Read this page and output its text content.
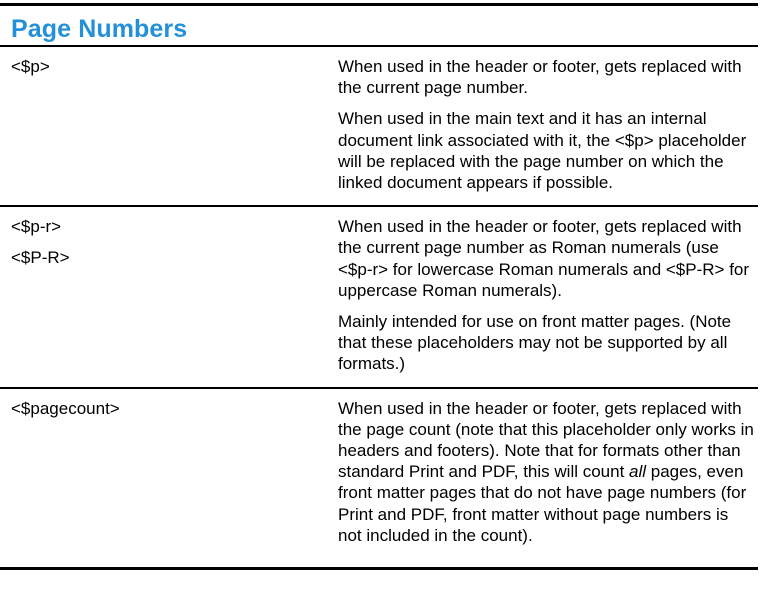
Page Numbers

<$p>	When used in the header or footer, gets replaced with the current page number.

When used in the main text and it has an internal document link associated with it, the <$p> placeholder will be replaced with the page number on which the linked document appears if possible.

<$p-r>

<$P-R>

When used in the header or footer, gets replaced with the current page number as Roman numerals (use <$p-r> for lowercase Roman numerals and <$P-R> for uppercase Roman numerals).

Mainly intended for use on front matter pages. (Note that these placeholders may not be supported by all formats.)

<$pagecount>	When used in the header or footer, gets replaced with the page count (note that this placeholder only works in headers and footers). Note that for formats other than standard Print and PDF, this will count all pages, even front matter pages that do not have page numbers (for Print and PDF, front matter without page numbers is not included in the count).
